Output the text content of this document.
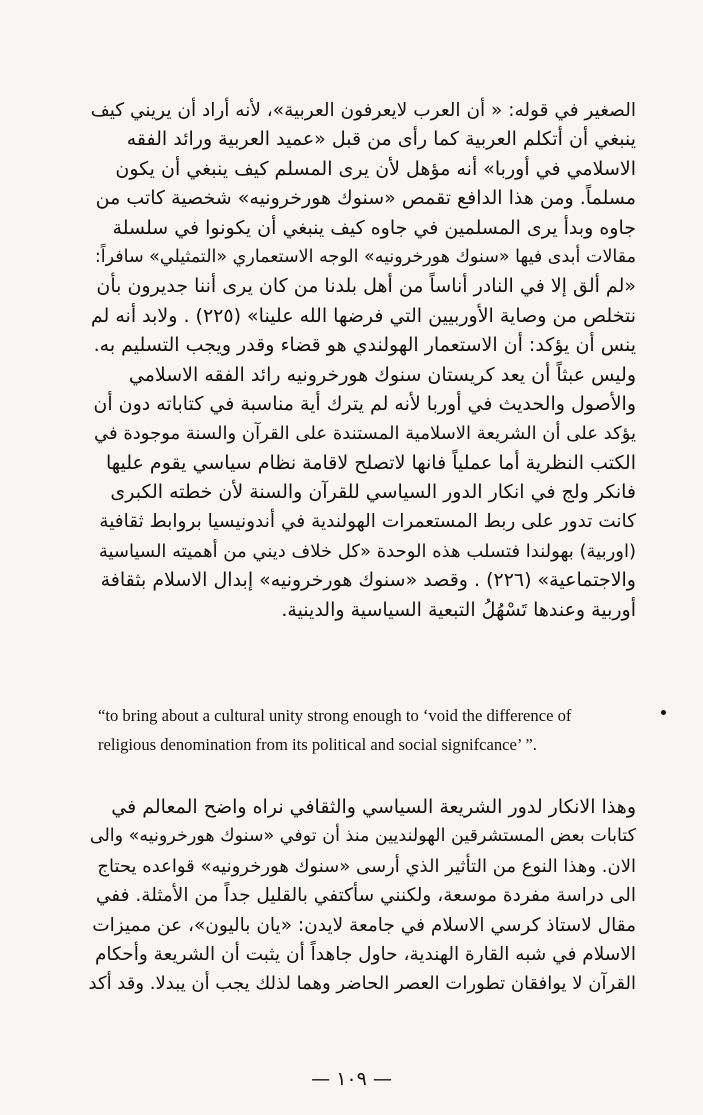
الصغير في قوله: « أن العرب لايعرفون العربية»، لأنه أراد أن يريني كيف
ينبغي أن أتكلم العربية كما رأى من قبل «عميد العربية ورائد الفقه
الاسلامي في أوربا» أنه مؤهل لأن يرى المسلم كيف ينبغي أن يكون
مسلماً. ومن هذا الدافع تقمص «سنوك هورخرونيه» شخصية كاتب من
جاوه وبدأ يرى المسلمين في جاوه كيف ينبغي أن يكونوا في سلسلة
مقالات أبدى فيها «سنوك هورخرونيه» الوجه الاستعماري «التمثيلي» سافراً:
«لم ألق إلا في النادر أناساً من أهل بلدنا من كان يرى أننا جديرون بأن
نتخلص من وصاية الأوربيين التي فرضها الله علينا» (٢٢٥) . ولابد أنه لم
ينس أن يؤكد: أن الاستعمار الهولندي هو قضاء وقدر ويجب التسليم به.
وليس عبثاً أن يعد كريستان سنوك هورخرونيه رائد الفقه الاسلامي
والأصول والحديث في أوربا لأنه لم يترك أية مناسبة في كتاباته دون أن
يؤكد على أن الشريعة الاسلامية المستندة على القرآن والسنة موجودة في
الكتب النظرية أما عملياً فانها لاتصلح لاقامة نظام سياسي يقوم عليها
فانكر ولج في انكار الدور السياسي للقرآن والسنة لأن خطته الكبرى
كانت تدور على ربط المستعمرات الهولندية في أندونيسيا بروابط ثقافية
(اوربية) بهولندا فتسلب هذه الوحدة «كل خلاف ديني من أهميته السياسية
والاجتماعية» (٢٢٦) . وقصد «سنوك هورخرونيه» إبدال الاسلام بثقافة
أوربية وعندها تَسْهُلُ التبعية السياسية والدينية.
“to bring about a cultural unity strong enough to ‘void the difference of
religious denomination from its political and social signifcance’ ”.
وهذا الانكار لدور الشريعة السياسي والثقافي نراه واضح المعالم في
كتابات بعض المستشرقين الهولنديين منذ أن توفي «سنوك هورخرونيه» والى
الان. وهذا النوع من التأثير الذي أرسى «سنوك هورخرونيه» قواعده يحتاج
الى دراسة مفردة موسعة، ولكنني سأكتفي بالقليل جداً من الأمثلة. ففي
مقال لاستاذ كرسي الاسلام في جامعة لايدن: «يان باليون»، عن مميزات
الاسلام في شبه القارة الهندية، حاول جاهداً أن يثبت أن الشريعة وأحكام
القرآن لا يوافقان تطورات العصر الحاضر وهما لذلك يجب أن يبدلا. وقد أكد
— ١٠٩ —
